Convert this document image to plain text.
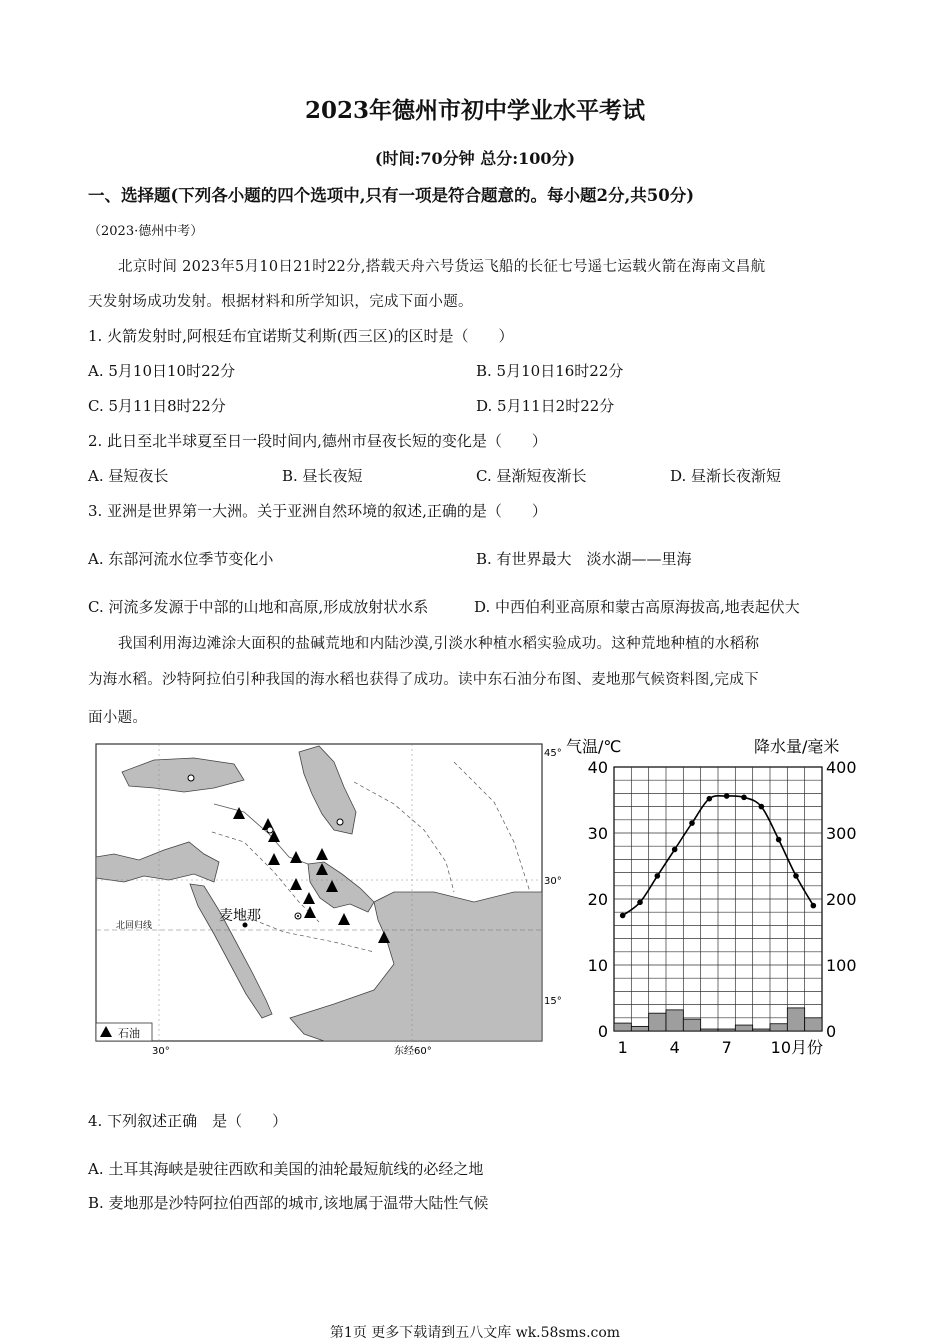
2023年德州市初中学业水平考试
(时间:70分钟 总分:100分)
一、选择题(下列各小题的四个选项中,只有一项是符合题意的。每小题2分,共50分)
（2023·德州中考）
北京时间 2023年5月10日21时22分,搭载天舟六号货运飞船的长征七号遥七运载火箭在海南文昌航
天发射场成功发射。根据材料和所学知识，完成下面小题。
1. 火箭发射时,阿根廷布宜诺斯艾利斯(西三区)的区时是（　　）
A. 5月10日10时22分	B. 5月10日16时22分
C. 5月11日8时22分	D. 5月11日2时22分
2. 此日至北半球夏至日一段时间内,德州市昼夜长短的变化是（　　）
A. 昼短夜长	B. 昼长夜短	C. 昼渐短夜渐长	D. 昼渐长夜渐短
3. 亚洲是世界第一大洲。关于亚洲自然环境的叙述,正确的是（　　）
A. 东部河流水位季节变化小	B. 有世界最大　淡水湖——里海
C. 河流多发源于中部的山地和高原,形成放射状水系	D. 中西伯利亚高原和蒙古高原海拔高,地表起伏大
我国利用海边滩涂大面积的盐碱荒地和内陆沙漠,引淡水种植水稻实验成功。这种荒地种植的水稻称
为海水稻。沙特阿拉伯引种我国的海水稻也获得了成功。读中东石油分布图、麦地那气候资料图,完成下
面小题。
麦地那
45°
30°
15°
北回归线
30°	东经60°
石油
40
30
20
10
0
400
300
200
100
0
1	4	7 10月份
气温/℃	降水量/毫米
4. 下列叙述正确　是（　　）
A. 土耳其海峡是驶往西欧和美国的油轮最短航线的必经之地
B. 麦地那是沙特阿拉伯西部的城市,该地属于温带大陆性气候
第1页 更多下载请到五八文库 wk.58sms.com
